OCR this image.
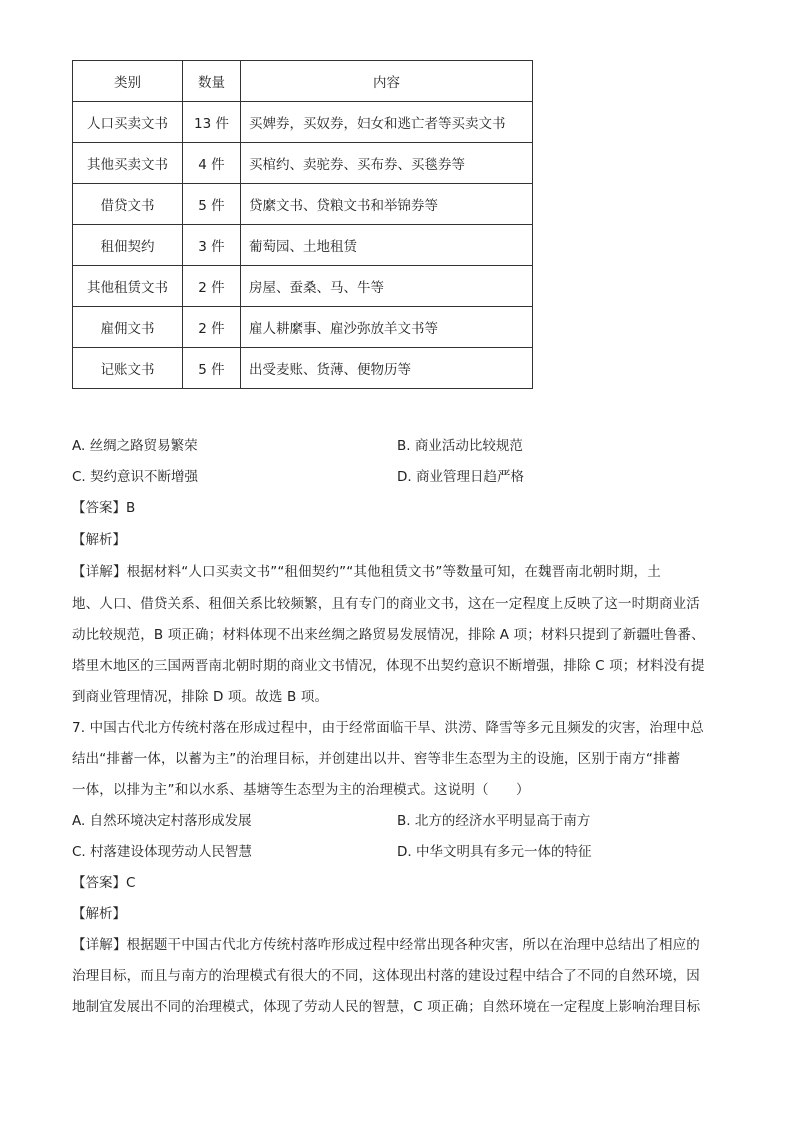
类别	数量	内容
人口买卖文书	13 件	买婢券，买奴券，妇女和逃亡者等买卖文书
其他买卖文书	4 件	买棺约、卖驼券、买布券、买毯券等
借贷文书	5 件	贷縻文书、贷粮文书和举锦券等
租佃契约	3 件	葡萄园、土地租赁
其他租赁文书	2 件	房屋、蚕桑、马、牛等
雇佣文书	2 件	雇人耕縻事、雇沙弥放羊文书等
记账文书	5 件	出受麦账、货薄、便物历等
A. 丝绸之路贸易繁荣	B. 商业活动比较规范
C. 契约意识不断增强	D. 商业管理日趋严格
【答案】B
【解析】
【详解】根据材料“人口买卖文书”“租佃契约”“其他租赁文书”等数量可知，在魏晋南北朝时期，土
地、人口、借贷关系、租佃关系比较频繁，且有专门的商业文书，这在一定程度上反映了这一时期商业活
动比较规范，B 项正确；材料体现不出来丝绸之路贸易发展情况，排除 A 项；材料只提到了新疆吐鲁番、
塔里木地区的三国两晋南北朝时期的商业文书情况，体现不出契约意识不断增强，排除 C 项；材料没有提
到商业管理情况，排除 D 项。故选 B 项。
7. 中国古代北方传统村落在形成过程中，由于经常面临干旱、洪涝、降雪等多元且频发的灾害，治理中总
结出“排蓄一体，以蓄为主”的治理目标，并创建出以井、窖等非生态型为主的设施，区别于南方“排蓄
一体，以排为主”和以水系、基塘等生态型为主的治理模式。这说明（　　）
A. 自然环境决定村落形成发展	B. 北方的经济水平明显高于南方
C. 村落建设体现劳动人民智慧	D. 中华文明具有多元一体的特征
【答案】C
【解析】
【详解】根据题干中国古代北方传统村落咋形成过程中经常出现各种灾害，所以在治理中总结出了相应的
治理目标，而且与南方的治理模式有很大的不同，这体现出村落的建设过程中结合了不同的自然环境，因
地制宜发展出不同的治理模式，体现了劳动人民的智慧，C 项正确；自然环境在一定程度上影响治理目标
